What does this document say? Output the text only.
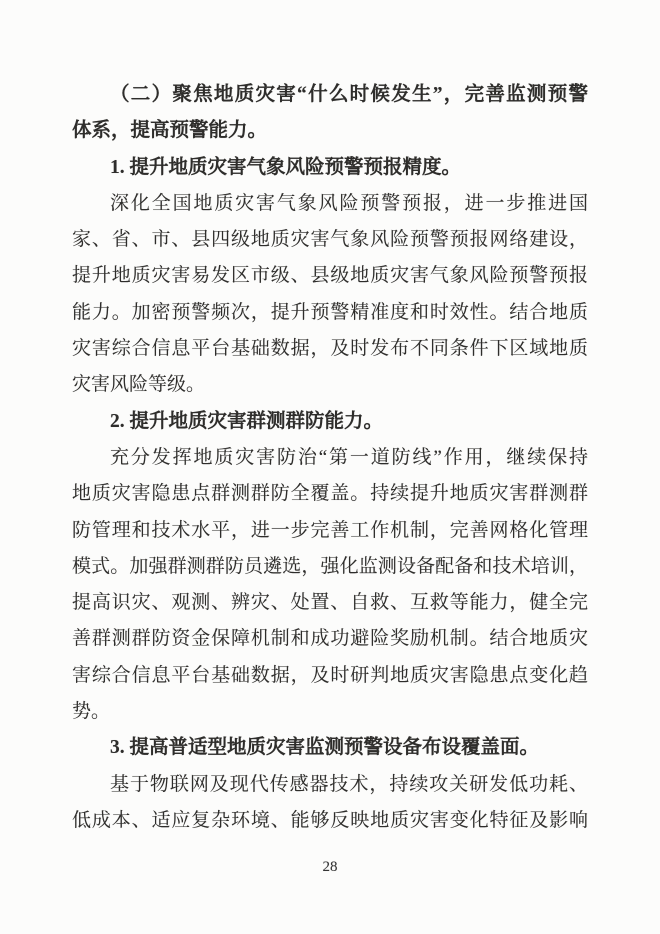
（二）聚焦地质灾害“什么时候发生”，完善监测预警
体系，提高预警能力。
1. 提升地质灾害气象风险预警预报精度。
深化全国地质灾害气象风险预警预报，进一步推进国
家、省、市、县四级地质灾害气象风险预警预报网络建设，
提升地质灾害易发区市级、县级地质灾害气象风险预警预报
能力。加密预警频次，提升预警精准度和时效性。结合地质
灾害综合信息平台基础数据，及时发布不同条件下区域地质
灾害风险等级。
2. 提升地质灾害群测群防能力。
充分发挥地质灾害防治“第一道防线”作用，继续保持
地质灾害隐患点群测群防全覆盖。持续提升地质灾害群测群
防管理和技术水平，进一步完善工作机制，完善网格化管理
模式。加强群测群防员遴选，强化监测设备配备和技术培训，
提高识灾、观测、辨灾、处置、自救、互救等能力，健全完
善群测群防资金保障机制和成功避险奖励机制。结合地质灾
害综合信息平台基础数据，及时研判地质灾害隐患点变化趋
势。
3. 提高普适型地质灾害监测预警设备布设覆盖面。
基于物联网及现代传感器技术，持续攻关研发低功耗、
低成本、适应复杂环境、能够反映地质灾害变化特征及影响
28
